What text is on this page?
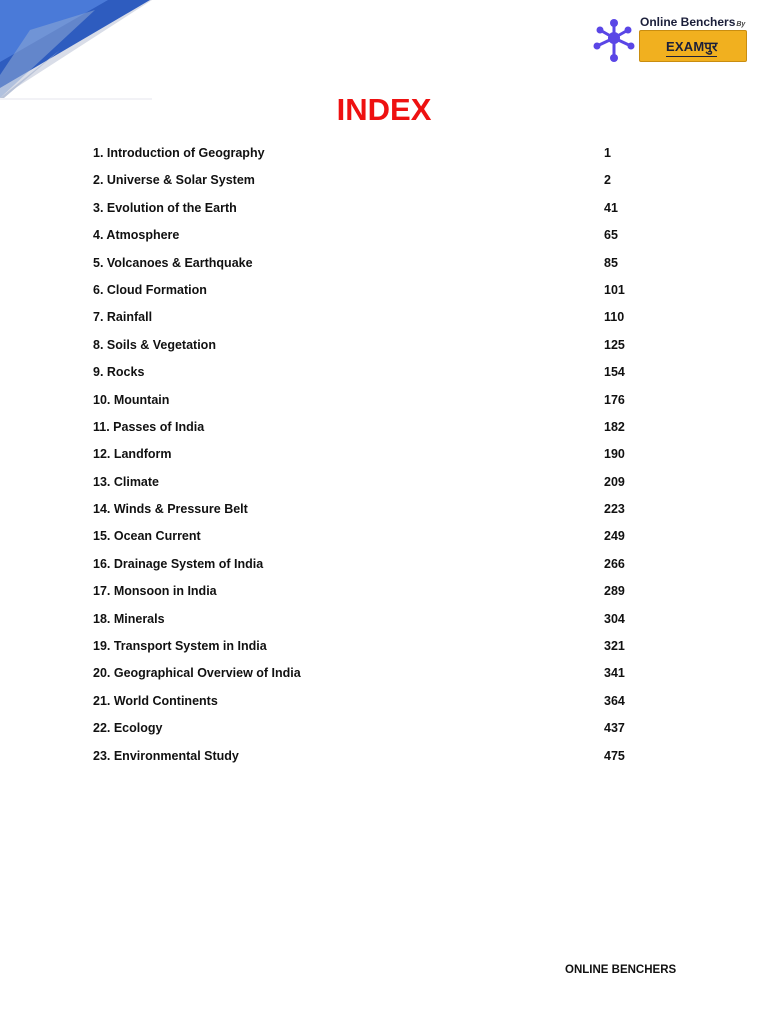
Online BenchersBy
EXAMपुर
INDEX
1. Introduction of Geography	1
2. Universe & Solar System	2
3. Evolution of the Earth	41
4. Atmosphere	65
5. Volcanoes & Earthquake	85
6. Cloud Formation	101
7. Rainfall	110
8. Soils & Vegetation	125
9. Rocks	154
10. Mountain	176
11. Passes of India	182
12. Landform	190
13. Climate	209
14. Winds & Pressure Belt	223
15. Ocean Current	249
16. Drainage System of India	266
17. Monsoon in India	289
18. Minerals	304
19. Transport System in India	321
20. Geographical Overview of India	341
21. World Continents	364
22. Ecology	437
23. Environmental Study	475
ONLINE BENCHERS
